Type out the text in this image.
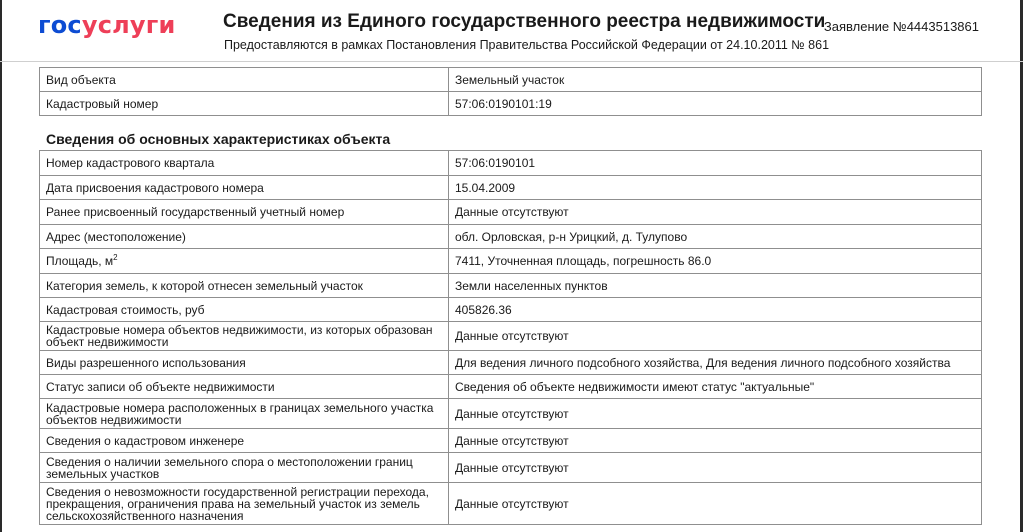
госуслуги Сведения из Единого государственного реестра недвижимости
Предоставляются в рамках Постановления Правительства Российской Федерации от 24.10.2011 № 861
Заявление №4443513861
Вид объекта	Земельный участок
Кадастровый номер	57:06:0190101:19
Сведения об основных характеристиках объекта
Номер кадастрового квартала	57:06:0190101
Дата присвоения кадастрового номера	15.04.2009
Ранее присвоенный государственный учетный номер	Данные отсутствуют
Адрес (местоположение)	обл. Орловская, р-н Урицкий, д. Тулупово
Площадь, $м^2$	7411, Уточненная площадь, погрешность 86.0
Категория земель, к которой отнесен земельный участок	Земли населенных пунктов
Кадастровая стоимость, руб	405826.36
Кадастровые номера объектов недвижимости, из которых образован объект недвижимости	Данные отсутствуют
Виды разрешенного использования	Для ведения личного подсобного хозяйства, Для ведения личного подсобного хозяйства
Статус записи об объекте недвижимости	Сведения об объекте недвижимости имеют статус "актуальные"
Кадастровые номера расположенных в границах земельного участка объектов недвижимости	Данные отсутствуют
Сведения о кадастровом инженере	Данные отсутствуют
Сведения о наличии земельного спора о местоположении границ земельных участков	Данные отсутствуют
Сведения о невозможности государственной регистрации перехода, прекращения, ограничения права на земельный участок из земель сельскохозяйственного назначения	Данные отсутствуют
